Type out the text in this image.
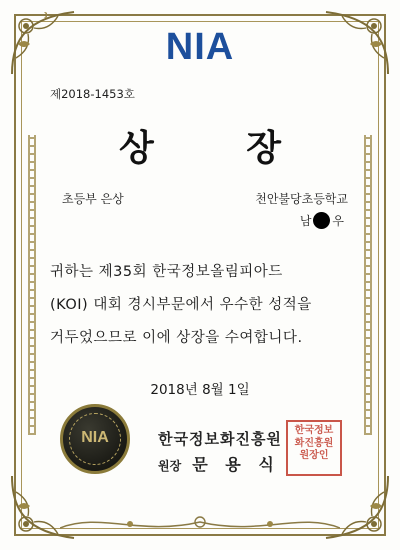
NIA
제2018-1453호
상 장
초등부 은상	천안불당초등학교
남 우
귀하는 제35회 한국정보올림피아드
(KOI) 대회 경시부문에서 우수한 성적을
거두었으므로 이에 상장을 수여합니다.
2018년 8월 1일
NIA	한국정보화진흥원
원장 문 용 식
한국정보
화진흥원
원장인
